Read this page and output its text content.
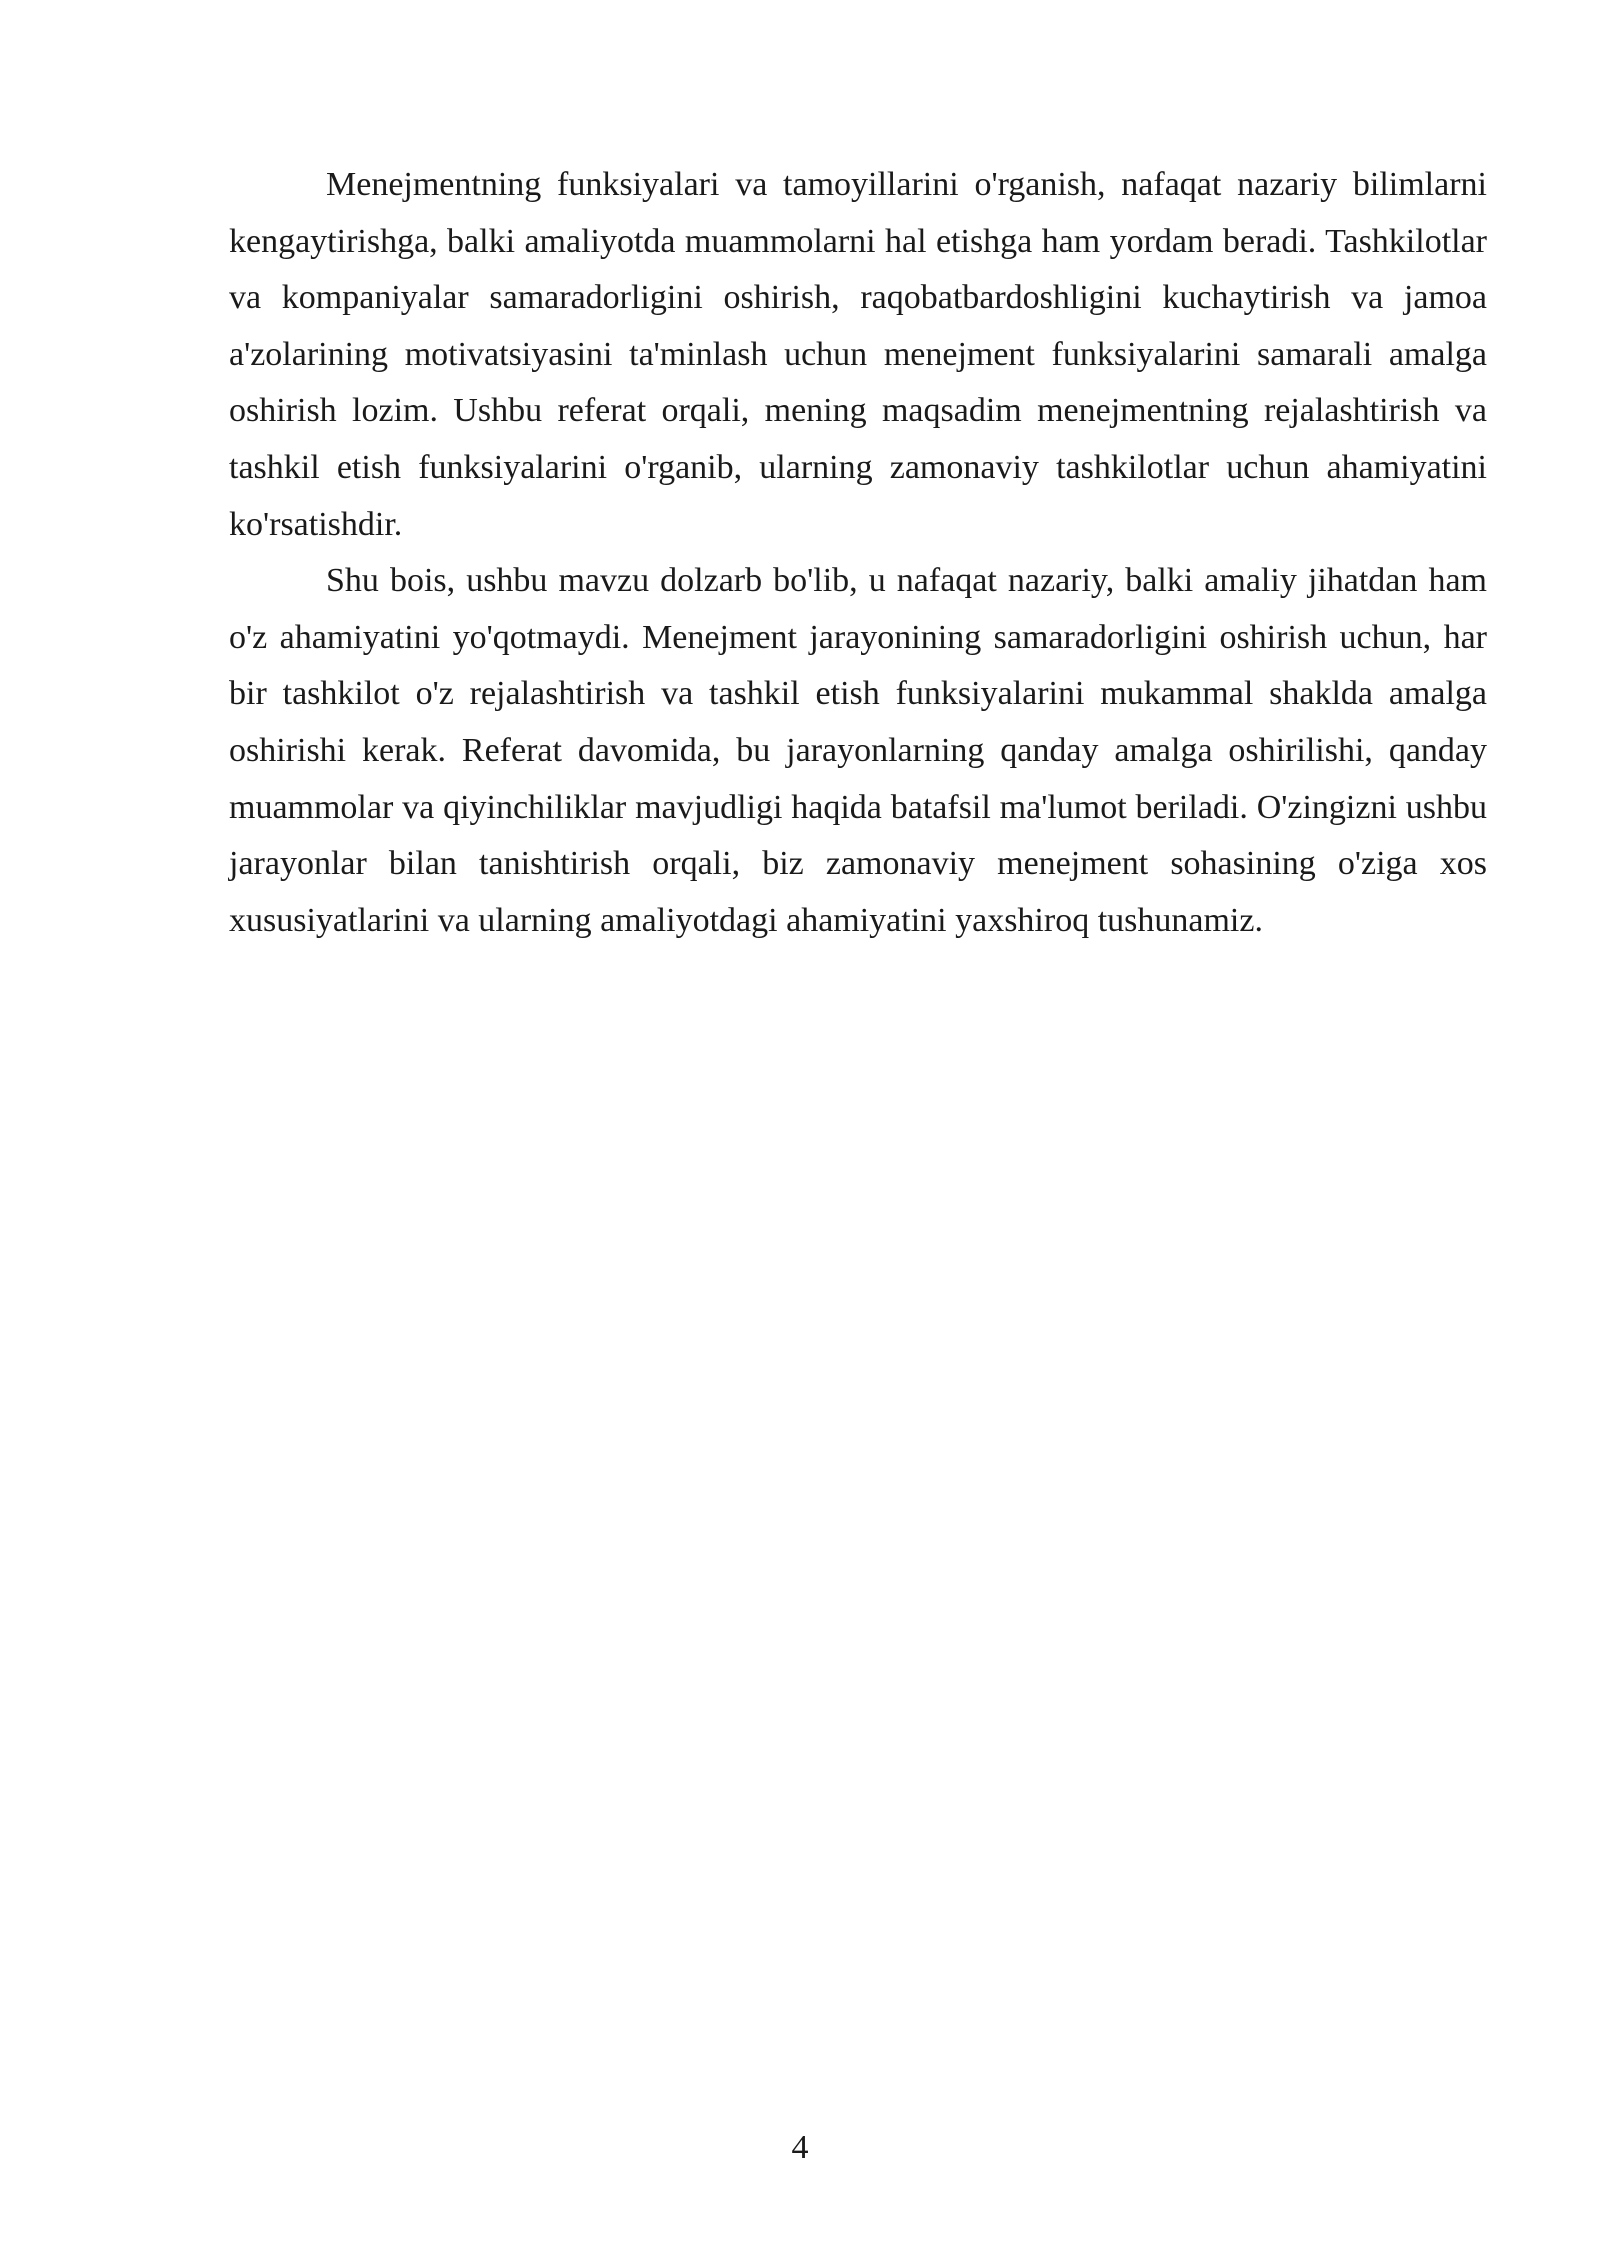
Menejmentning funksiyalari va tamoyillarini o'rganish, nafaqat nazariy bilimlarni kengaytirishga, balki amaliyotda muammolarni hal etishga ham yordam beradi. Tashkilotlar va kompaniyalar samaradorligini oshirish, raqobatbardoshligini kuchaytirish va jamoa a'zolarining motivatsiyasini ta'minlash uchun menejment funksiyalarini samarali amalga oshirish lozim. Ushbu referat orqali, mening maqsadim menejmentning rejalashtirish va tashkil etish funksiyalarini o'rganib, ularning zamonaviy tashkilotlar uchun ahamiyatini ko'rsatishdir.

Shu bois, ushbu mavzu dolzarb bo'lib, u nafaqat nazariy, balki amaliy jihatdan ham o'z ahamiyatini yo'qotmaydi. Menejment jarayonining samaradorligini oshirish uchun, har bir tashkilot o'z rejalashtirish va tashkil etish funksiyalarini mukammal shaklda amalga oshirishi kerak. Referat davomida, bu jarayonlarning qanday amalga oshirilishi, qanday muammolar va qiyinchiliklar mavjudligi haqida batafsil ma'lumot beriladi. O'zingizni ushbu jarayonlar bilan tanishtirish orqali, biz zamonaviy menejment sohasining o'ziga xos xususiyatlarini va ularning amaliyotdagi ahamiyatini yaxshiroq tushunamiz.

4
